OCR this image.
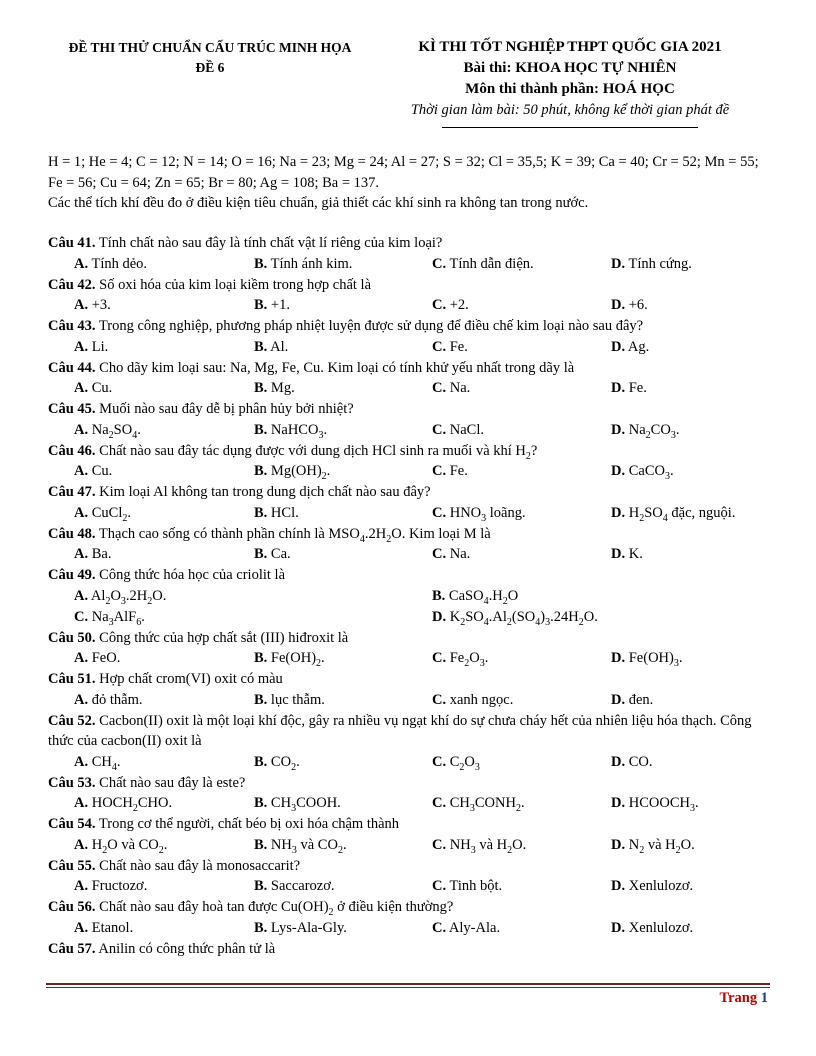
ĐỀ THI THỬ CHUẨN CẤU TRÚC MINH HỌA
ĐỀ 6
KÌ THI TỐT NGHIỆP THPT QUỐC GIA 2021
Bài thi: KHOA HỌC TỰ NHIÊN
Môn thi thành phần: HOÁ HỌC
Thời gian làm bài: 50 phút, không kể thời gian phát đề
H = 1; He = 4; C = 12; N = 14; O = 16; Na = 23; Mg = 24; Al = 27; S = 32; Cl = 35,5; K = 39; Ca = 40; Cr = 52; Mn = 55; Fe = 56; Cu = 64; Zn = 65; Br = 80; Ag = 108; Ba = 137.
Các thể tích khí đều đo ở điều kiện tiêu chuẩn, giả thiết các khí sinh ra không tan trong nước.
Câu 41. Tính chất nào sau đây là tính chất vật lí riêng của kim loại?
A. Tính dẻo.	B. Tính ánh kim.	C. Tính dẫn điện.	D. Tính cứng.
Câu 42. Số oxi hóa của kim loại kiềm trong hợp chất là
A. +3.	B. +1.	C. +2.	D. +6.
Câu 43. Trong công nghiệp, phương pháp nhiệt luyện được sử dụng để điều chế kim loại nào sau đây?
A. Li.	B. Al.	C. Fe.	D. Ag.
Câu 44. Cho dãy kim loại sau: Na, Mg, Fe, Cu. Kim loại có tính khử yếu nhất trong dãy là
A. Cu.	B. Mg.	C. Na.	D. Fe.
Câu 45. Muối nào sau đây dễ bị phân hủy bởi nhiệt?
A. $Na_2SO_4$.	B. NaHCO$_3$.	C. NaCl.	D. $Na_2CO_3$.
Câu 46. Chất nào sau đây tác dụng được với dung dịch HCl sinh ra muối và khí $H_2$?
A. Cu.	B. $Mg(OH)_2$.	C. Fe.	D. CaCO$_3$.
Câu 47. Kim loại Al không tan trong dung dịch chất nào sau đây?
A. CuCl$_2$.	B. HCl.	C. $HNO_3$ loãng.	D. $H_2SO_4$ đặc, nguội.
Câu 48. Thạch cao sống có thành phần chính là $MSO_4.2H_2O$. Kim loại M là
A. Ba.	B. Ca.	C. Na.	D. K.
Câu 49. Công thức hóa học của criolit là
A. $Al_2O_3.2H_2O$.	B. $CaSO_4.H_2O$
C. $Na_3AlF_6$.	D. $K_2SO_4.Al_2(SO_4)_3.24H_2O$.
Câu 50. Công thức của hợp chất sắt (III) hiđroxit là
A. FeO.	B. $Fe(OH)_2$.	C. $Fe_2O_3$.	D. $Fe(OH)_3$.
Câu 51. Hợp chất crom(VI) oxit có màu
A. đỏ thẫm.	B. lục thẫm.	C. xanh ngọc.	D. đen.
Câu 52. Cacbon(II) oxit là một loại khí độc, gây ra nhiều vụ ngạt khí do sự chưa cháy hết của nhiên liệu hóa thạch. Công thức của cacbon(II) oxit là
A. $CH_4$.	B. $CO_2$.	C. $C_2O_3$	D. CO.
Câu 53. Chất nào sau đây là este?
A. $HOCH_2CHO$.	B. $CH_3COOH$.	C. $CH_3CONH_2$.	D. $HCOOCH_3$.
Câu 54. Trong cơ thể người, chất béo bị oxi hóa chậm thành
A. $H_2O$ và $CO_2$.	B. $NH_3$ và $CO_2$.	C. $NH_3$ và $H_2O$.	D. $N_2$ và $H_2O$.
Câu 55. Chất nào sau đây là monosaccarit?
A. Fructozơ.	B. Saccarozơ.	C. Tinh bột.	D. Xenlulozơ.
Câu 56. Chất nào sau đây hoà tan được $Cu(OH)_2$ ở điều kiện thường?
A. Etanol.	B. Lys-Ala-Gly.	C. Aly-Ala.	D. Xenlulozơ.
Câu 57. Anilin có công thức phân tử là
Trang 1
